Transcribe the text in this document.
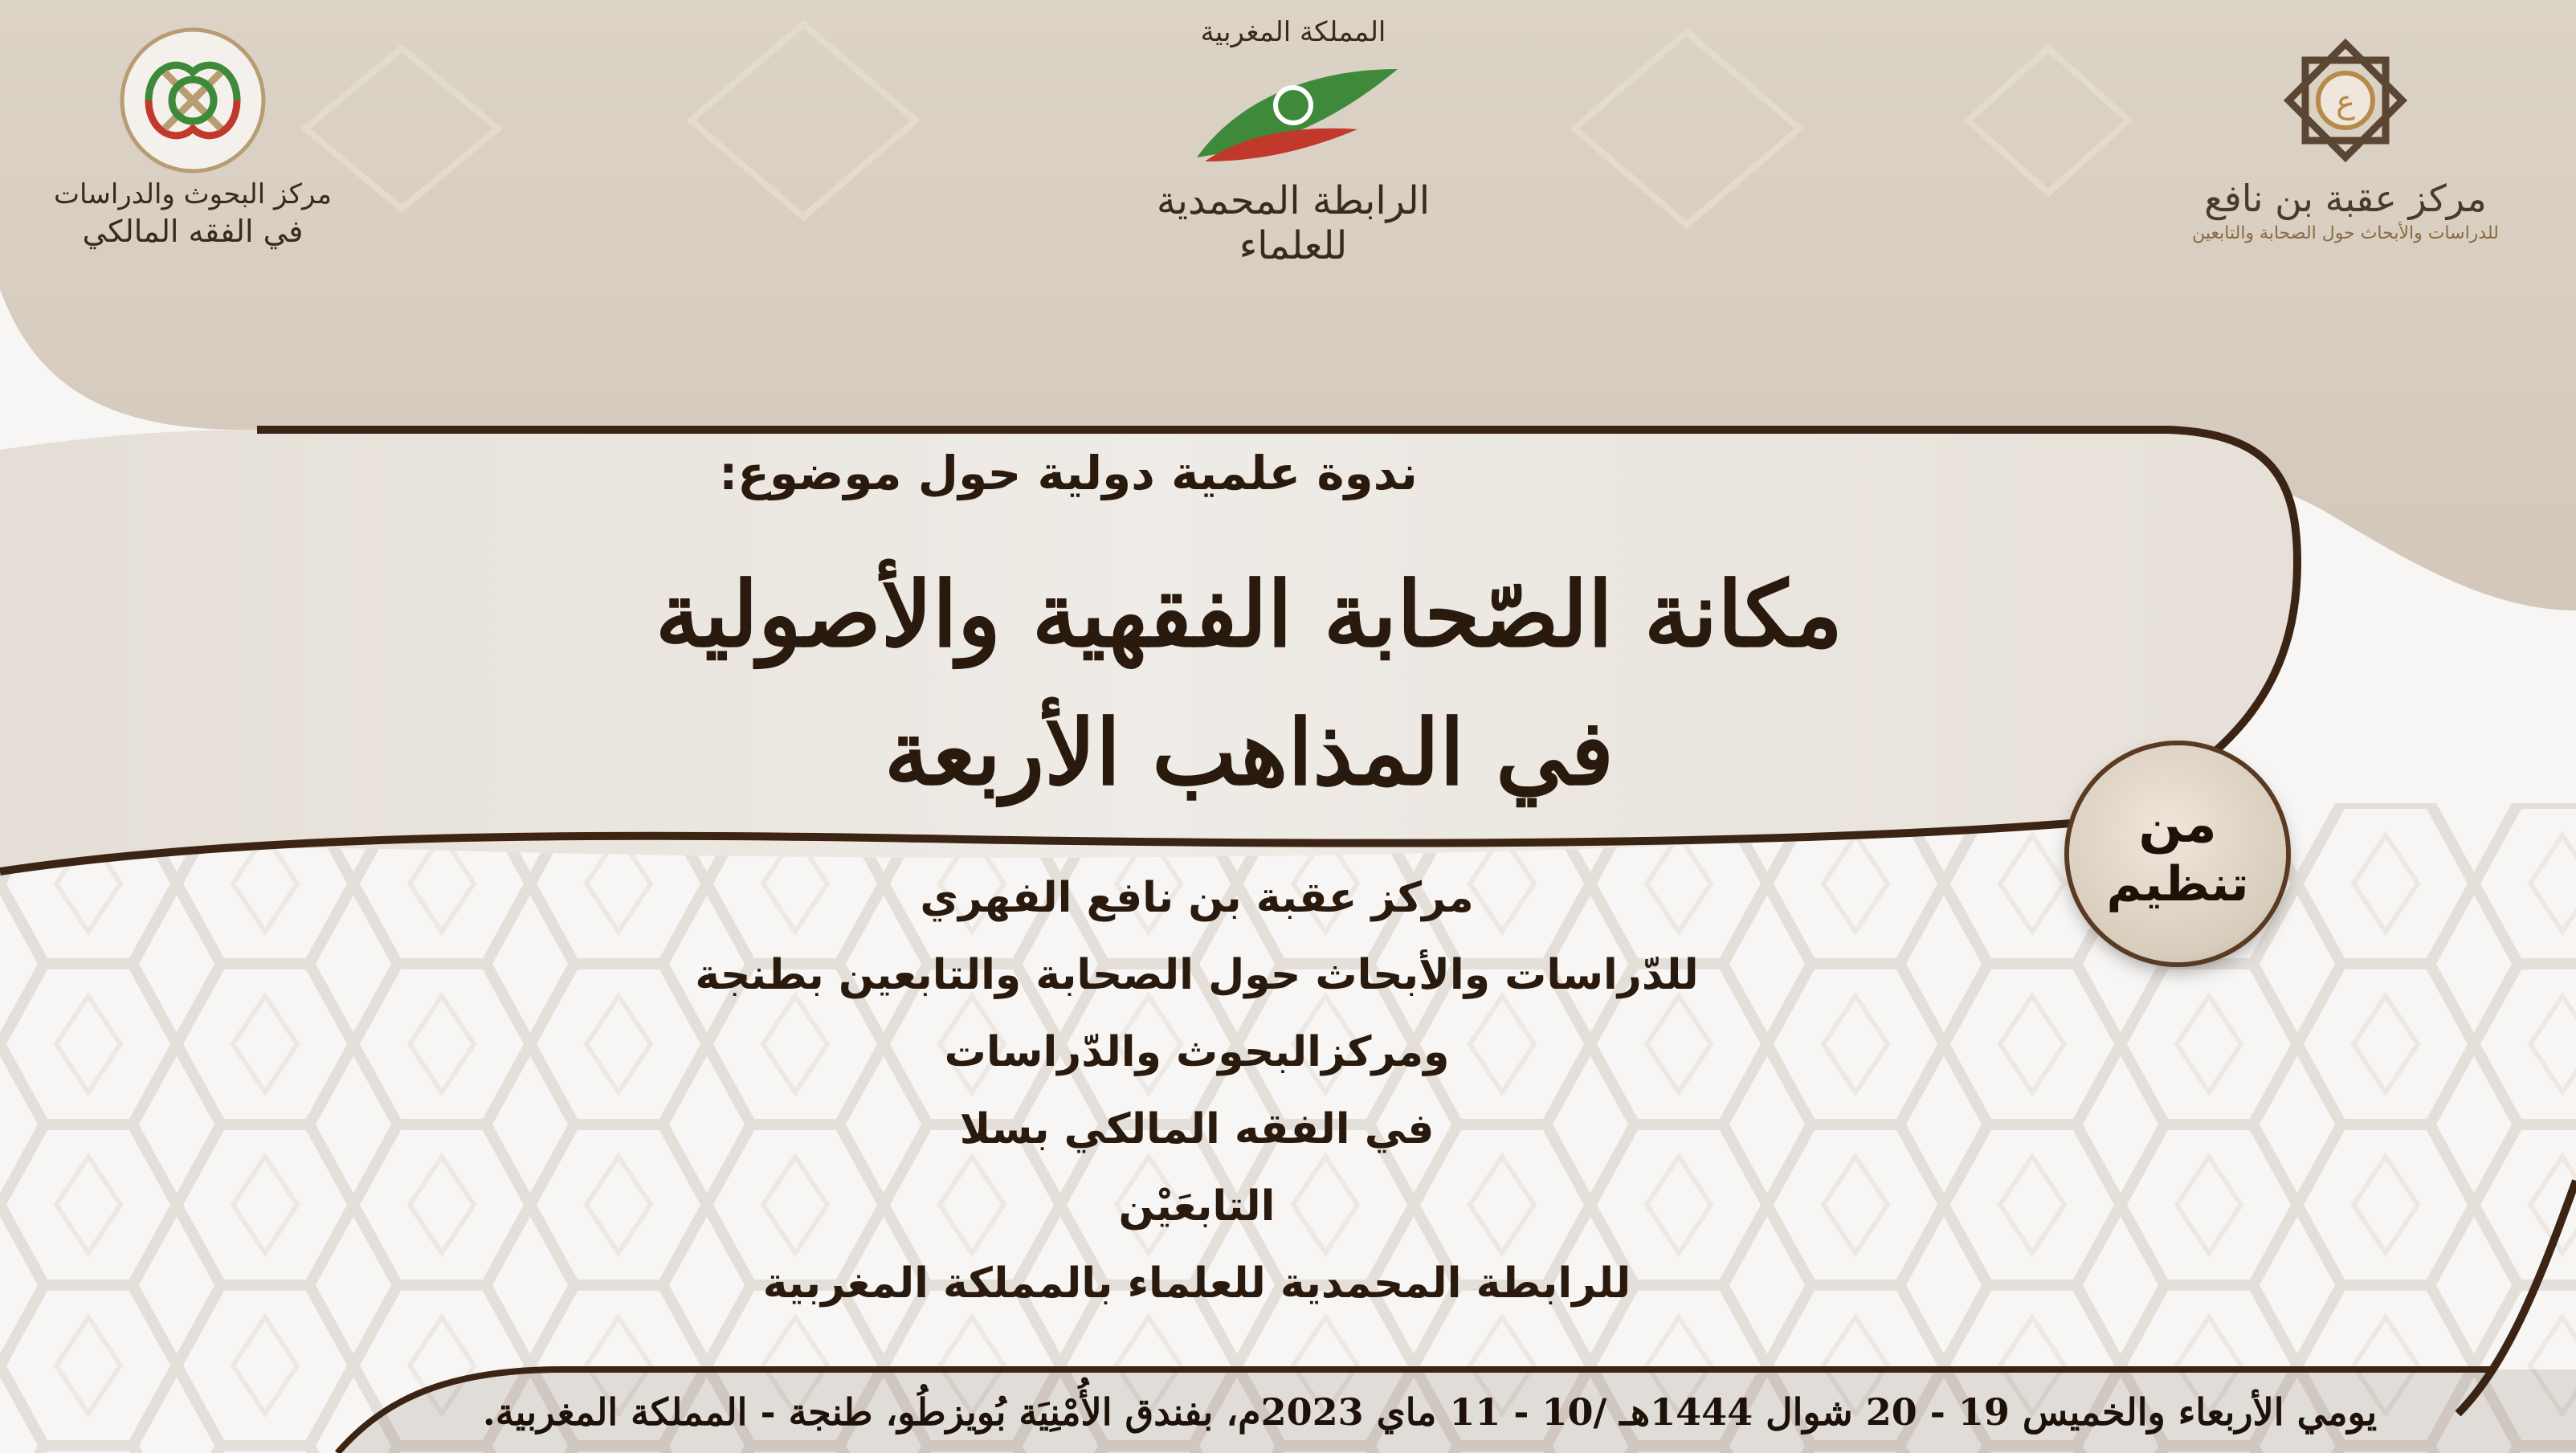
مركز البحوث والدراسات
في الفقه المالكي
المملكة المغربية
الرابطة المحمدية للعلماء
ع
مركز عقبة بن نافع
للدراسات والأبحاث حول الصحابة والتابعين
ندوة علمية دولية حول موضوع:
مكانة الصّحابة الفقهية والأصولية
في المذاهب الأربعة
من
تنظيم
مركز عقبة بن نافع الفهري
للدّراسات والأبحاث حول الصحابة والتابعين بطنجة
ومركزالبحوث والدّراسات
في الفقه المالكي بسلا
التابعَيْن
للرابطة المحمدية للعلماء بالمملكة المغربية
يومي الأربعاء والخميس 19 - 20 شوال 1444هـ /10 - 11 ماي 2023م، بفندق الأُمْنِيَة بُويزطُو، طنجة - المملكة المغربية.
